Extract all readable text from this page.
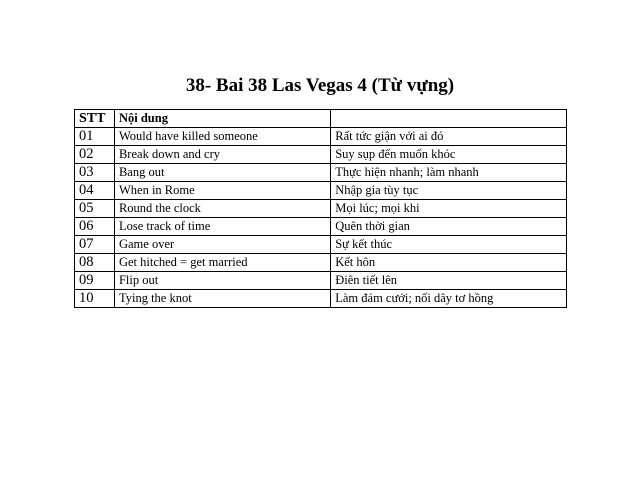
38- Bai 38 Las Vegas 4 (Từ vựng)
STT	Nội dung	
01	Would have killed someone	Rất tức giận với ai đó
02	Break down and cry	Suy sụp đến muốn khóc
03	Bang out	Thực hiện nhanh; làm nhanh
04	When in Rome	Nhập gia tùy tục
05	Round the clock	Mọi lúc; mọi khi
06	Lose track of time	Quên thời gian
07	Game over	Sự kết thúc
08	Get hitched = get married	Kết hôn
09	Flip out	Điên tiết lên
10	Tying the knot	Làm đám cưới; nối dây tơ hồng
